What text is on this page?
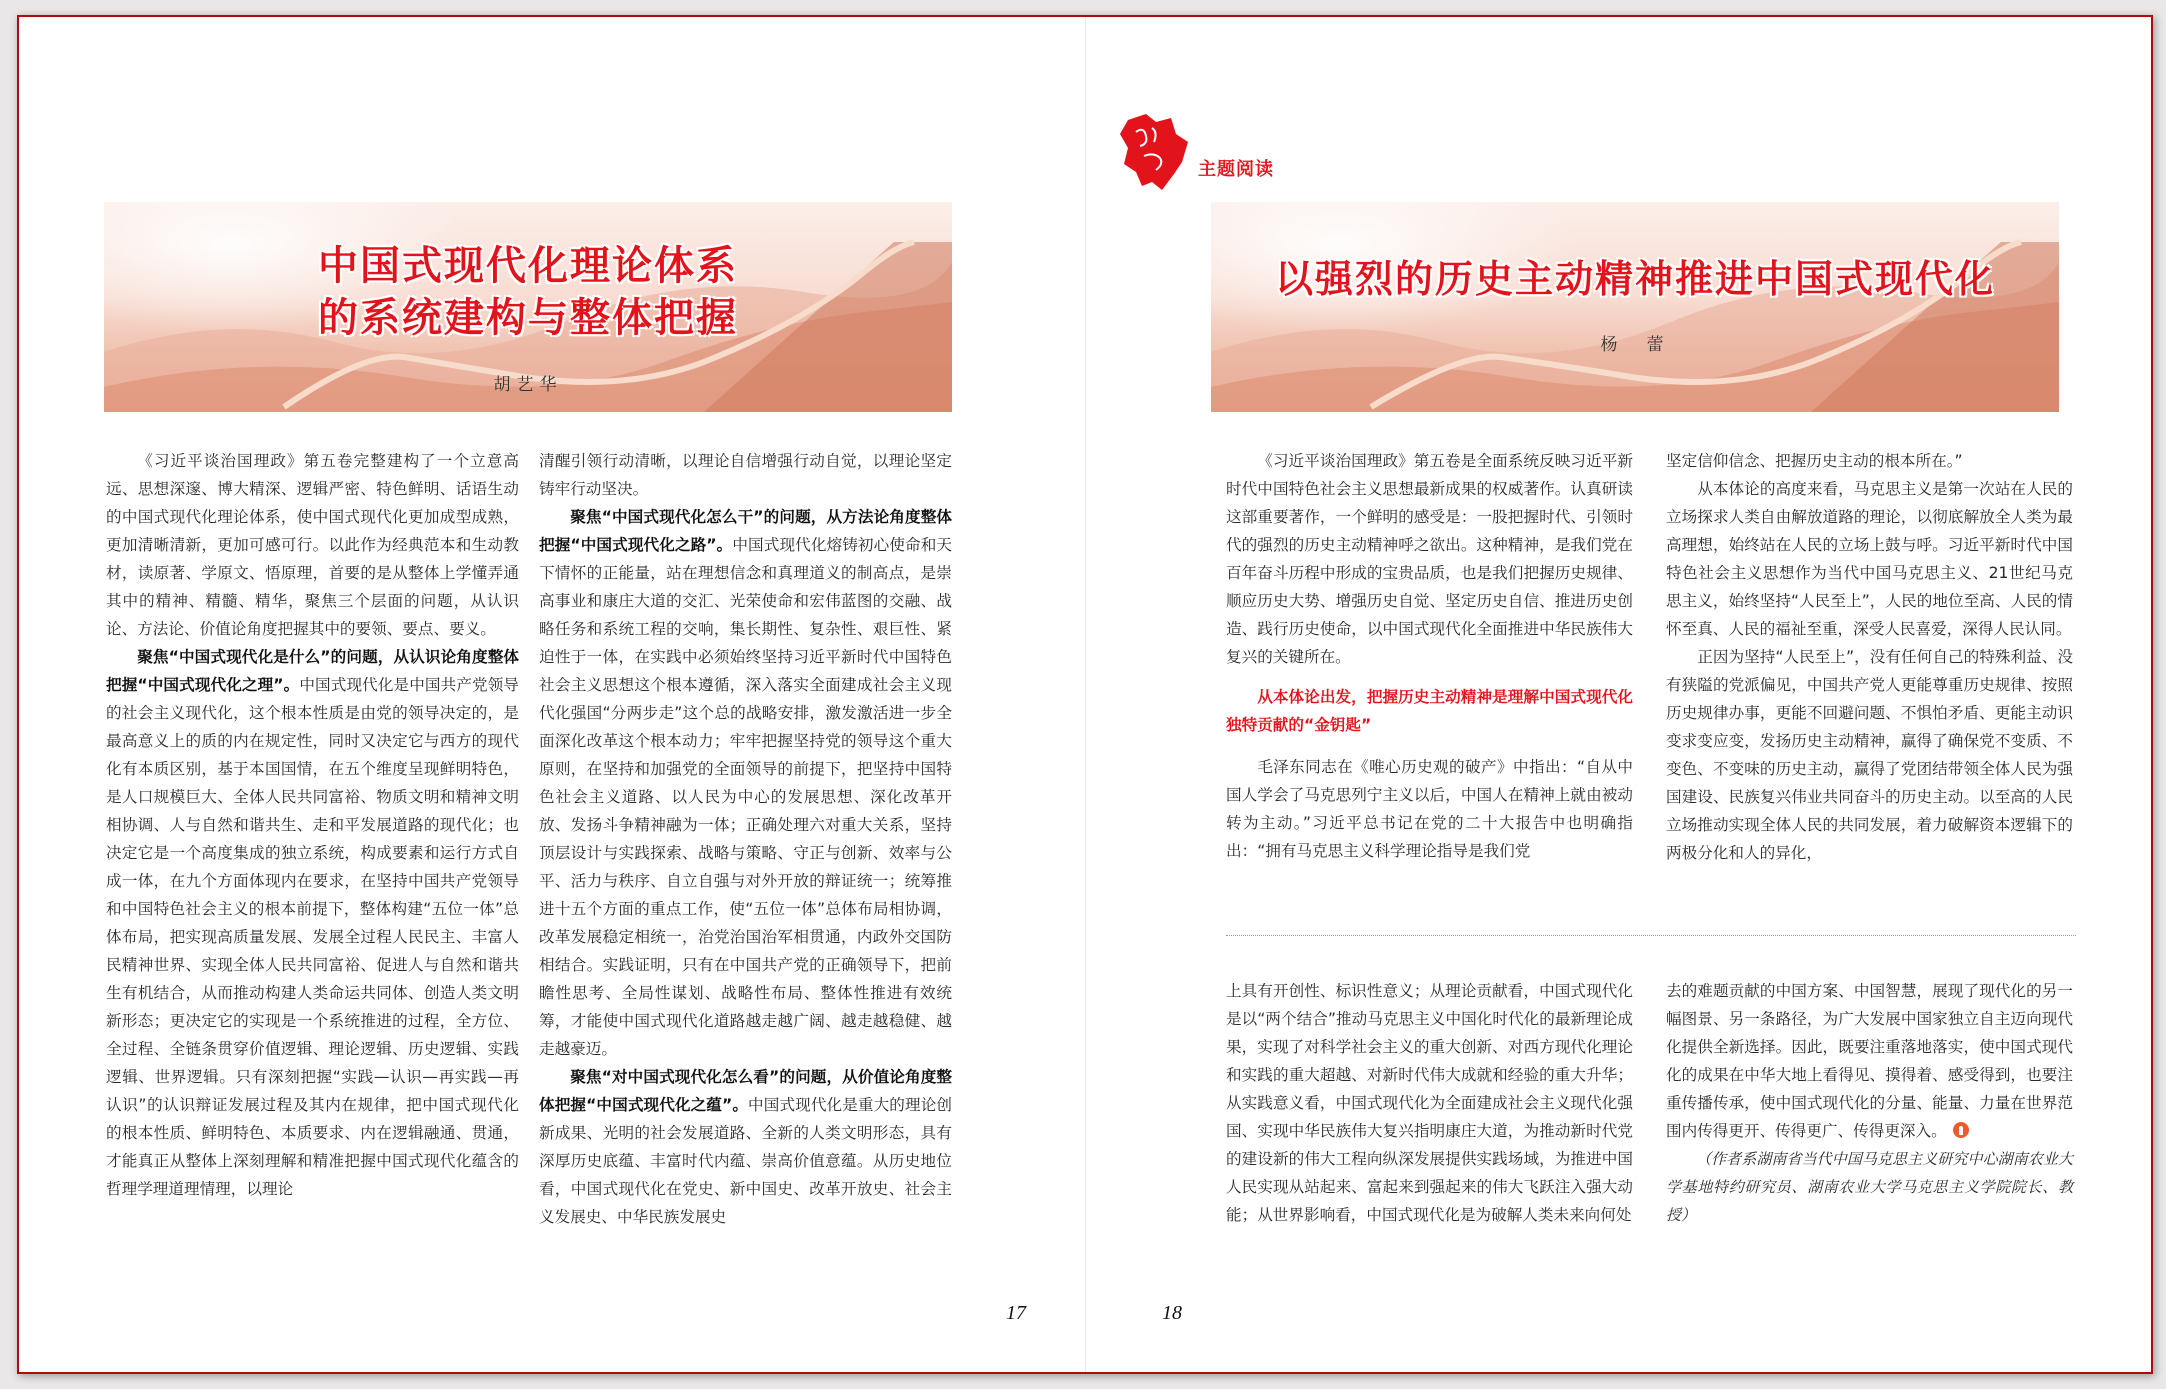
中国式现代化理论体系
的系统建构与整体把握
胡艺华

《习近平谈治国理政》第五卷完整建构了一个立意高远、思想深邃、博大精深、逻辑严密、特色鲜明、话语生动的中国式现代化理论体系，使中国式现代化更加成型成熟，更加清晰清新，更加可感可行。以此作为经典范本和生动教材，读原著、学原文、悟原理，首要的是从整体上学懂弄通其中的精神、精髓、精华，聚焦三个层面的问题，从认识论、方法论、价值论角度把握其中的要领、要点、要义。

聚焦“中国式现代化是什么”的问题，从认识论角度整体把握“中国式现代化之理”。中国式现代化是中国共产党领导的社会主义现代化，这个根本性质是由党的领导决定的，是最高意义上的质的内在规定性，同时又决定它与西方的现代化有本质区别，基于本国国情，在五个维度呈现鲜明特色，是人口规模巨大、全体人民共同富裕、物质文明和精神文明相协调、人与自然和谐共生、走和平发展道路的现代化；也决定它是一个高度集成的独立系统，构成要素和运行方式自成一体，在九个方面体现内在要求，在坚持中国共产党领导和中国特色社会主义的根本前提下，整体构建“五位一体”总体布局，把实现高质量发展、发展全过程人民民主、丰富人民精神世界、实现全体人民共同富裕、促进人与自然和谐共生有机结合，从而推动构建人类命运共同体、创造人类文明新形态；更决定它的实现是一个系统推进的过程，全方位、全过程、全链条贯穿价值逻辑、理论逻辑、历史逻辑、实践逻辑、世界逻辑。只有深刻把握“实践—认识—再实践—再认识”的认识辩证发展过程及其内在规律，把中国式现代化的根本性质、鲜明特色、本质要求、内在逻辑融通、贯通，才能真正从整体上深刻理解和精准把握中国式现代化蕴含的哲理学理道理情理，以理论

清醒引领行动清晰，以理论自信增强行动自觉，以理论坚定铸牢行动坚决。

聚焦“中国式现代化怎么干”的问题，从方法论角度整体把握“中国式现代化之路”。中国式现代化熔铸初心使命和天下情怀的正能量，站在理想信念和真理道义的制高点，是崇高事业和康庄大道的交汇、光荣使命和宏伟蓝图的交融、战略任务和系统工程的交响，集长期性、复杂性、艰巨性、紧迫性于一体，在实践中必须始终坚持习近平新时代中国特色社会主义思想这个根本遵循，深入落实全面建成社会主义现代化强国“分两步走”这个总的战略安排，激发激活进一步全面深化改革这个根本动力；牢牢把握坚持党的领导这个重大原则，在坚持和加强党的全面领导的前提下，把坚持中国特色社会主义道路、以人民为中心的发展思想、深化改革开放、发扬斗争精神融为一体；正确处理六对重大关系，坚持顶层设计与实践探索、战略与策略、守正与创新、效率与公平、活力与秩序、自立自强与对外开放的辩证统一；统筹推进十五个方面的重点工作，使“五位一体”总体布局相协调，改革发展稳定相统一，治党治国治军相贯通，内政外交国防相结合。实践证明，只有在中国共产党的正确领导下，把前瞻性思考、全局性谋划、战略性布局、整体性推进有效统筹，才能使中国式现代化道路越走越广阔、越走越稳健、越走越豪迈。

聚焦“对中国式现代化怎么看”的问题，从价值论角度整体把握“中国式现代化之蕴”。中国式现代化是重大的理论创新成果、光明的社会发展道路、全新的人类文明形态，具有深厚历史底蕴、丰富时代内蕴、崇高价值意蕴。从历史地位看，中国式现代化在党史、新中国史、改革开放史、社会主义发展史、中华民族发展史

17
主题阅读
以强烈的历史主动精神推进中国式现代化
杨　蕾

《习近平谈治国理政》第五卷是全面系统反映习近平新时代中国特色社会主义思想最新成果的权威著作。认真研读这部重要著作，一个鲜明的感受是：一股把握时代、引领时代的强烈的历史主动精神呼之欲出。这种精神，是我们党在百年奋斗历程中形成的宝贵品质，也是我们把握历史规律、顺应历史大势、增强历史自觉、坚定历史自信、推进历史创造、践行历史使命，以中国式现代化全面推进中华民族伟大复兴的关键所在。

从本体论出发，把握历史主动精神是理解中国式现代化独特贡献的“金钥匙”

毛泽东同志在《唯心历史观的破产》中指出：“自从中国人学会了马克思列宁主义以后，中国人在精神上就由被动转为主动。”习近平总书记在党的二十大报告中也明确指出：“拥有马克思主义科学理论指导是我们党

坚定信仰信念、把握历史主动的根本所在。”

从本体论的高度来看，马克思主义是第一次站在人民的立场探求人类自由解放道路的理论，以彻底解放全人类为最高理想，始终站在人民的立场上鼓与呼。习近平新时代中国特色社会主义思想作为当代中国马克思主义、21世纪马克思主义，始终坚持“人民至上”，人民的地位至高、人民的情怀至真、人民的福祉至重，深受人民喜爱，深得人民认同。

正因为坚持“人民至上”，没有任何自己的特殊利益、没有狭隘的党派偏见，中国共产党人更能尊重历史规律、按照历史规律办事，更能不回避问题、不惧怕矛盾、更能主动识变求变应变，发扬历史主动精神，赢得了确保党不变质、不变色、不变味的历史主动，赢得了党团结带领全体人民为强国建设、民族复兴伟业共同奋斗的历史主动。以至高的人民立场推动实现全体人民的共同发展，着力破解资本逻辑下的两极分化和人的异化，

上具有开创性、标识性意义；从理论贡献看，中国式现代化是以“两个结合”推动马克思主义中国化时代化的最新理论成果，实现了对科学社会主义的重大创新、对西方现代化理论和实践的重大超越、对新时代伟大成就和经验的重大升华；从实践意义看，中国式现代化为全面建成社会主义现代化强国、实现中华民族伟大复兴指明康庄大道，为推动新时代党的建设新的伟大工程向纵深发展提供实践场域，为推进中国人民实现从站起来、富起来到强起来的伟大飞跃注入强大动能；从世界影响看，中国式现代化是为破解人类未来向何处

去的难题贡献的中国方案、中国智慧，展现了现代化的另一幅图景、另一条路径，为广大发展中国家独立自主迈向现代化提供全新选择。因此，既要注重落地落实，使中国式现代化的成果在中华大地上看得见、摸得着、感受得到，也要注重传播传承，使中国式现代化的分量、能量、力量在世界范围内传得更开、传得更广、传得更深入。

（作者系湖南省当代中国马克思主义研究中心湖南农业大学基地特约研究员、湖南农业大学马克思主义学院院长、教授）

18
